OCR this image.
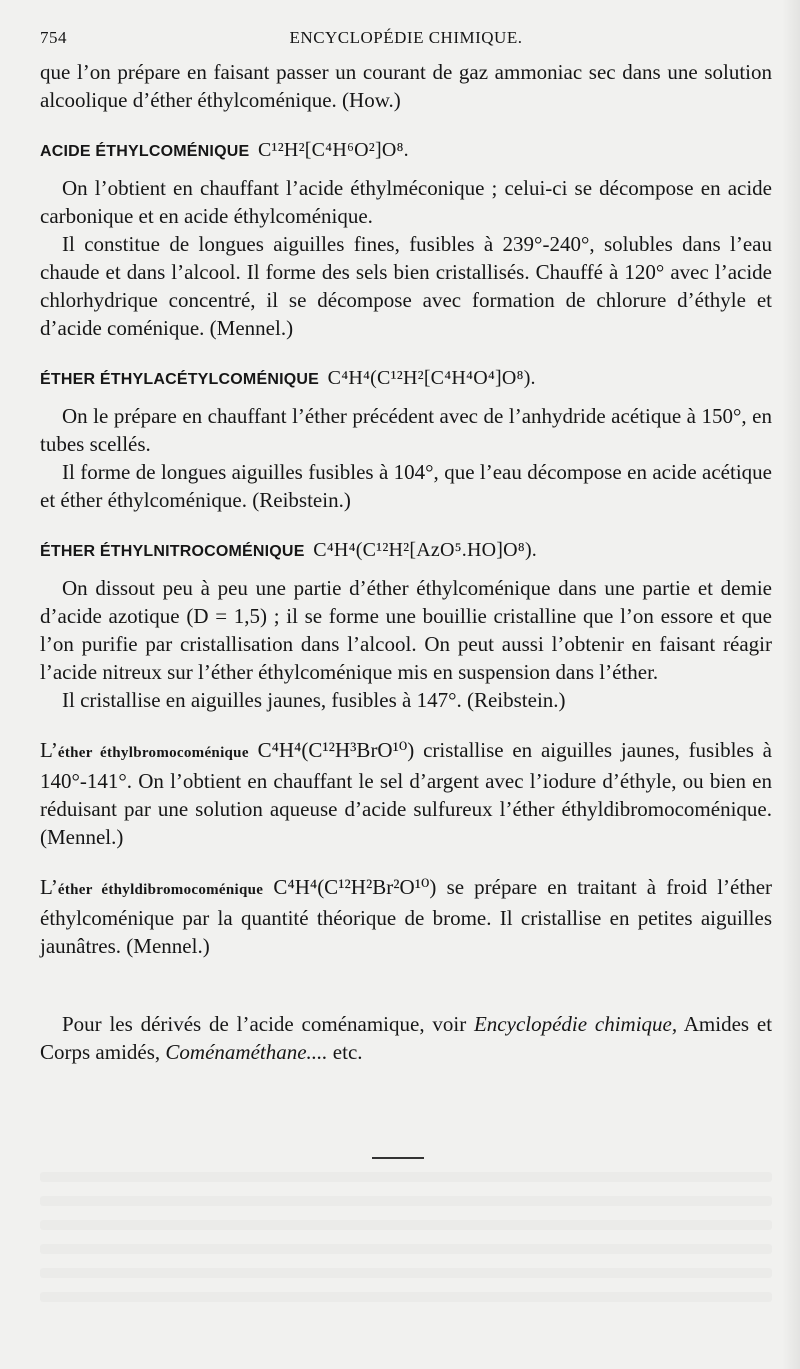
754	ENCYCLOPÉDIE CHIMIQUE.

que l’on prépare en faisant passer un courant de gaz ammoniac sec dans une solution alcoolique d’éther éthylcoménique. (How.)

ACIDE ÉTHYLCOMÉNIQUE C¹²H²[C⁴H⁶O²]O⁸.

On l’obtient en chauffant l’acide éthylméconique ; celui-ci se décompose en acide carbonique et en acide éthylcoménique.

Il constitue de longues aiguilles fines, fusibles à 239°-240°, solubles dans l’eau chaude et dans l’alcool. Il forme des sels bien cristallisés. Chauffé à 120° avec l’acide chlorhydrique concentré, il se décompose avec formation de chlorure d’éthyle et d’acide coménique. (Mennel.)

ÉTHER ÉTHYLACÉTYLCOMÉNIQUE C⁴H⁴(C¹²H²[C⁴H⁴O⁴]O⁸).

On le prépare en chauffant l’éther précédent avec de l’anhydride acétique à 150°, en tubes scellés.

Il forme de longues aiguilles fusibles à 104°, que l’eau décompose en acide acétique et éther éthylcoménique. (Reibstein.)

ÉTHER ÉTHYLNITROCOMÉNIQUE C⁴H⁴(C¹²H²[AzO⁵.HO]O⁸).

On dissout peu à peu une partie d’éther éthylcoménique dans une partie et demie d’acide azotique (D = 1,5) ; il se forme une bouillie cristalline que l’on essore et que l’on purifie par cristallisation dans l’alcool. On peut aussi l’obtenir en faisant réagir l’acide nitreux sur l’éther éthylcoménique mis en suspension dans l’éther.

Il cristallise en aiguilles jaunes, fusibles à 147°. (Reibstein.)

L’éther éthylbromocoménique C⁴H⁴(C¹²H³BrO¹⁰) cristallise en aiguilles jaunes, fusibles à 140°-141°. On l’obtient en chauffant le sel d’argent avec l’iodure d’éthyle, ou bien en réduisant par une solution aqueuse d’acide sulfureux l’éther éthyldibromocoménique. (Mennel.)

L’éther éthyldibromocoménique C⁴H⁴(C¹²H²Br²O¹⁰) se prépare en traitant à froid l’éther éthylcoménique par la quantité théorique de brome. Il cristallise en petites aiguilles jaunâtres. (Mennel.)

Pour les dérivés de l’acide coménamique, voir Encyclopédie chimique, Amides et Corps amidés, Coménaméthane.... etc.
